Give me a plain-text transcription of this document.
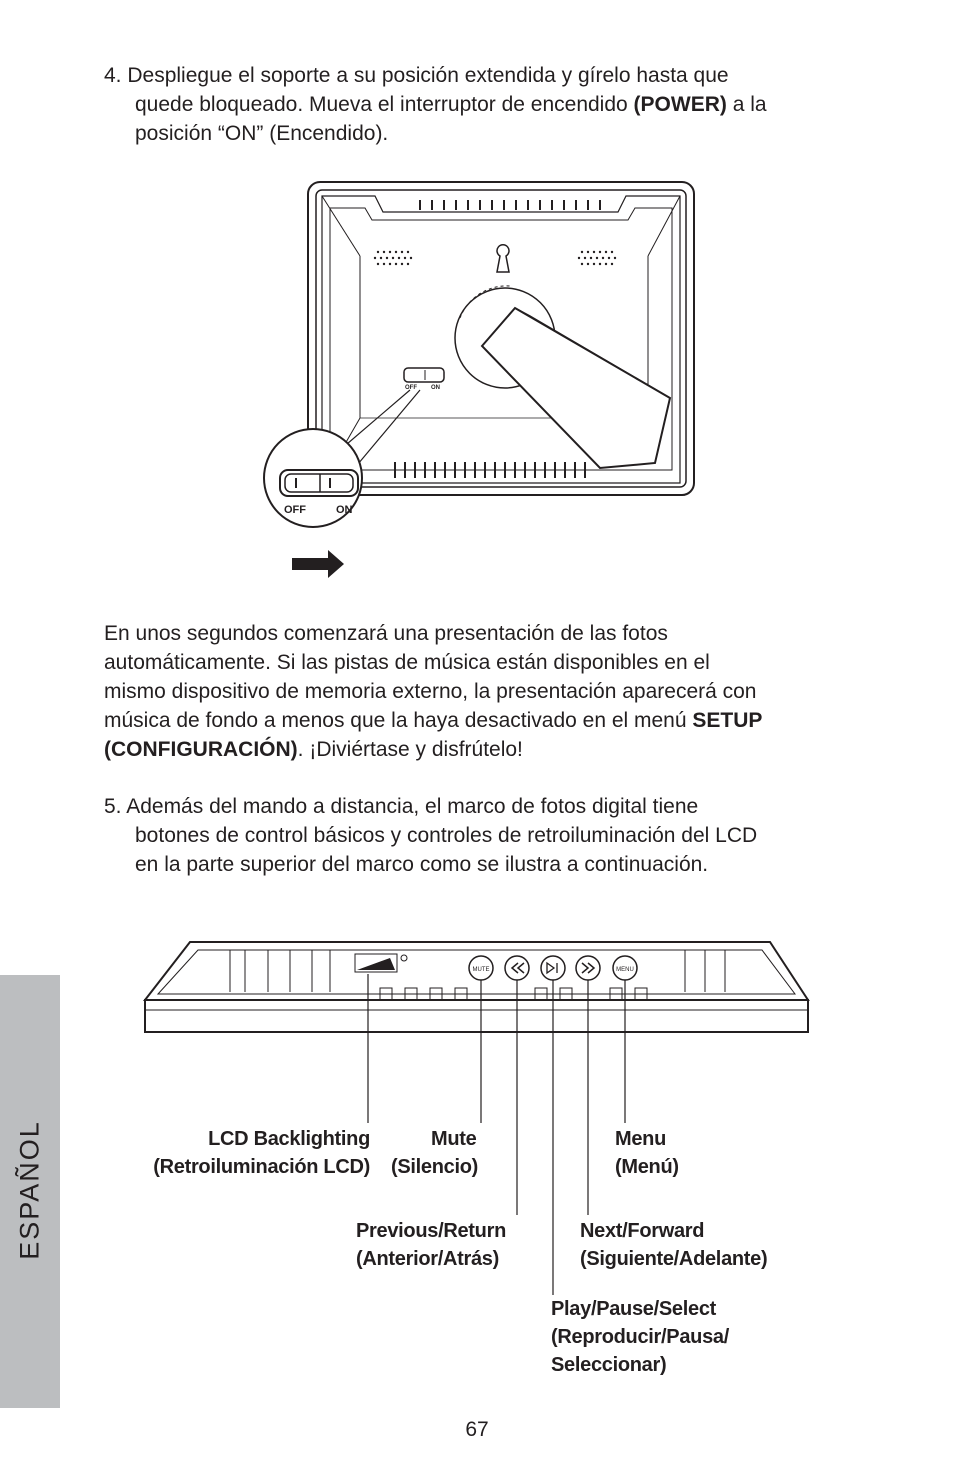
4. Despliegue el soporte a su posición extendida y gírelo hasta que
quede bloqueado. Mueva el interruptor de encendido (POWER) a la
posición “ON” (Encendido).
OFF ON
OFF	ON
En unos segundos comenzará una presentación de las fotos
automáticamente. Si las pistas de música están disponibles en el
mismo dispositivo de memoria externo, la presentación aparecerá con
música de fondo a menos que la haya desactivado en el menú SETUP
(CONFIGURACIÓN). ¡Diviértase y disfrútelo!
5. Además del mando a distancia, el marco de fotos digital tiene
botones de control básicos y controles de retroiluminación del LCD
en la parte superior del marco como se ilustra a continuación.
MUTE	MENU
LCD Backlighting
(Retroiluminación LCD)
Mute
(Silencio)
Menu
(Menú)
Previous/Return
(Anterior/Atrás)
Next/Forward
(Siguiente/Adelante)
Play/Pause/Select
(Reproducir/Pausa/
Seleccionar)
ESPAÑOL
67
